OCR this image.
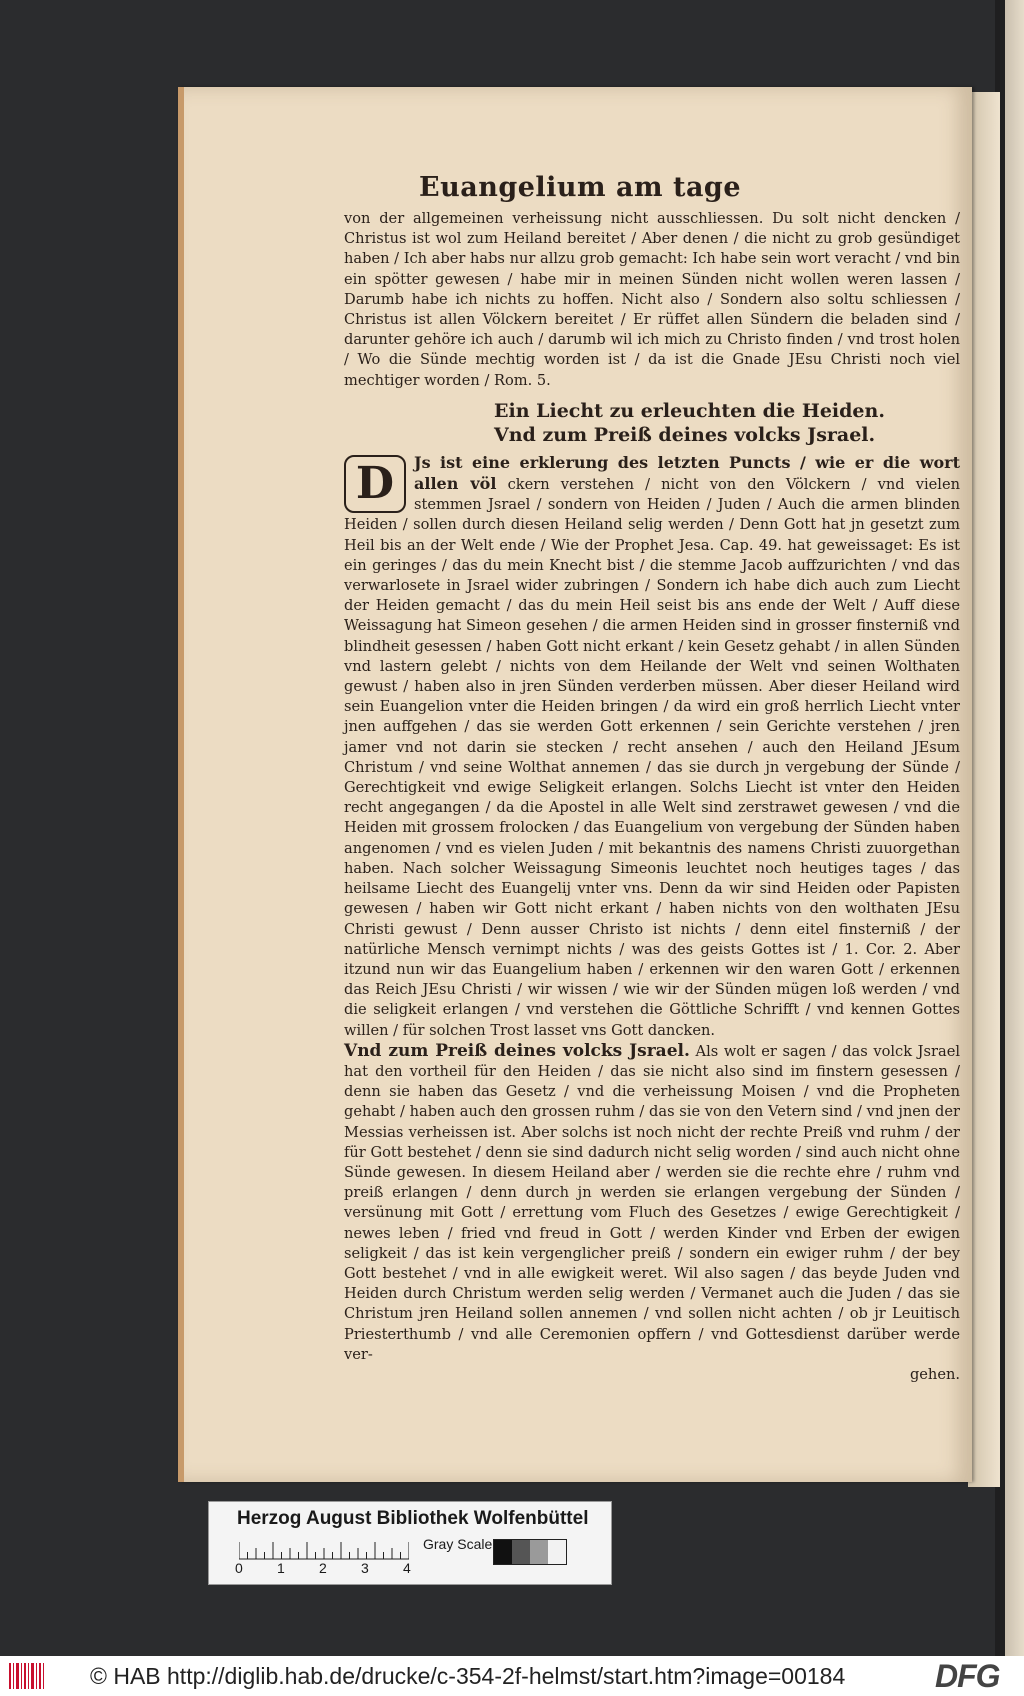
Euangelium am tage

von der allgemeinen verheissung nicht ausschliessen. Du solt nicht dencken / Christus ist wol zum Heiland bereitet / Aber denen / die nicht zu grob gesündiget haben / Ich aber habs nur allzu grob gemacht: Ich habe sein wort veracht / vnd bin ein spötter gewesen / habe mir in meinen Sünden nicht wollen weren lassen / Darumb habe ich nichts zu hoffen. Nicht also / Sondern also soltu schliessen / Christus ist allen Völckern bereitet / Er rüffet allen Sündern die beladen sind / darunter gehöre ich auch / darumb wil ich mich zu Christo finden / vnd trost holen / Wo die Sünde mechtig worden ist / da ist die Gnade JEsu Christi noch viel mechtiger worden / Rom. 5.

Ein Liecht zu erleuchten die Heiden.
Vnd zum Preiß deines volcks Jsrael.

D	Js ist eine erklerung des letzten Puncts / wie er die wort allen völ ckern verstehen / nicht von den Völckern / vnd vielen stemmen Jsrael / sondern von Heiden / Juden / Auch die armen blinden Heiden / sollen durch diesen Heiland selig werden / Denn Gott hat jn gesetzt zum Heil bis an der Welt ende / Wie der Prophet Jesa. Cap. 49. hat geweissaget: Es ist ein geringes / das du mein Knecht bist / die stemme Jacob auffzurichten / vnd das verwarlosete in Jsrael wider zubringen / Sondern ich habe dich auch zum Liecht der Heiden gemacht / das du mein Heil seist bis ans ende der Welt / Auff diese Weissagung hat Simeon gesehen / die armen Heiden sind in grosser finsterniß vnd blindheit gesessen / haben Gott nicht erkant / kein Gesetz gehabt / in allen Sünden vnd lastern gelebt / nichts von dem Heilande der Welt vnd seinen Wolthaten gewust / haben also in jren Sünden verderben müssen. Aber dieser Heiland wird sein Euangelion vnter die Heiden bringen / da wird ein groß herrlich Liecht vnter jnen auffgehen / das sie werden Gott erkennen / sein Gerichte verstehen / jren jamer vnd not darin sie stecken / recht ansehen / auch den Heiland JEsum Christum / vnd seine Wolthat annemen / das sie durch jn vergebung der Sünde / Gerechtigkeit vnd ewige Seligkeit erlangen. Solchs Liecht ist vnter den Heiden recht angegangen / da die Apostel in alle Welt sind zerstrawet gewesen / vnd die Heiden mit grossem frolocken / das Euangelium von vergebung der Sünden haben angenomen / vnd es vielen Juden / mit bekantnis des namens Christi zuuorgethan haben. Nach solcher Weissagung Simeonis leuchtet noch heutiges tages / das heilsame Liecht des Euangelij vnter vns. Denn da wir sind Heiden oder Papisten gewesen / haben wir Gott nicht erkant / haben nichts von den wolthaten JEsu Christi gewust / Denn ausser Christo ist nichts / denn eitel finsterniß / der natürliche Mensch vernimpt nichts / was des geists Gottes ist / 1. Cor. 2. Aber itzund nun wir das Euangelium haben / erkennen wir den waren Gott / erkennen das Reich JEsu Christi / wir wissen / wie wir der Sünden mügen loß werden / vnd die seligkeit erlangen / vnd verstehen die Göttliche Schrifft / vnd kennen Gottes willen / für solchen Trost lasset vns Gott dancken.

Vnd zum Preiß deines volcks Jsrael. Als wolt er sagen / das volck Jsrael hat den vortheil für den Heiden / das sie nicht also sind im finstern gesessen / denn sie haben das Gesetz / vnd die verheissung Moisen / vnd die Propheten gehabt / haben auch den grossen ruhm / das sie von den Vetern sind / vnd jnen der Messias verheissen ist. Aber solchs ist noch nicht der rechte Preiß vnd ruhm / der für Gott bestehet / denn sie sind dadurch nicht selig worden / sind auch nicht ohne Sünde gewesen. In diesem Heiland aber / werden sie die rechte ehre / ruhm vnd preiß erlangen / denn durch jn werden sie erlangen vergebung der Sünden / versünung mit Gott / errettung vom Fluch des Gesetzes / ewige Gerechtigkeit / newes leben / fried vnd freud in Gott / werden Kinder vnd Erben der ewigen seligkeit / das ist kein vergenglicher preiß / sondern ein ewiger ruhm / der bey Gott bestehet / vnd in alle ewigkeit weret. Wil also sagen / das beyde Juden vnd Heiden durch Christum werden selig werden / Vermanet auch die Juden / das sie Christum jren Heiland sollen annemen / vnd sollen nicht achten / ob jr Leuitisch Priesterthumb / vnd alle Ceremonien opffern / vnd Gottesdienst darüber werde ver-

gehen.

Herzog August Bibliothek Wolfenbüttel
0 1 2 3 4
Gray Scale
© HAB http://diglib.hab.de/drucke/c-354-2f-helmst/start.htm?image=00184	DFG
